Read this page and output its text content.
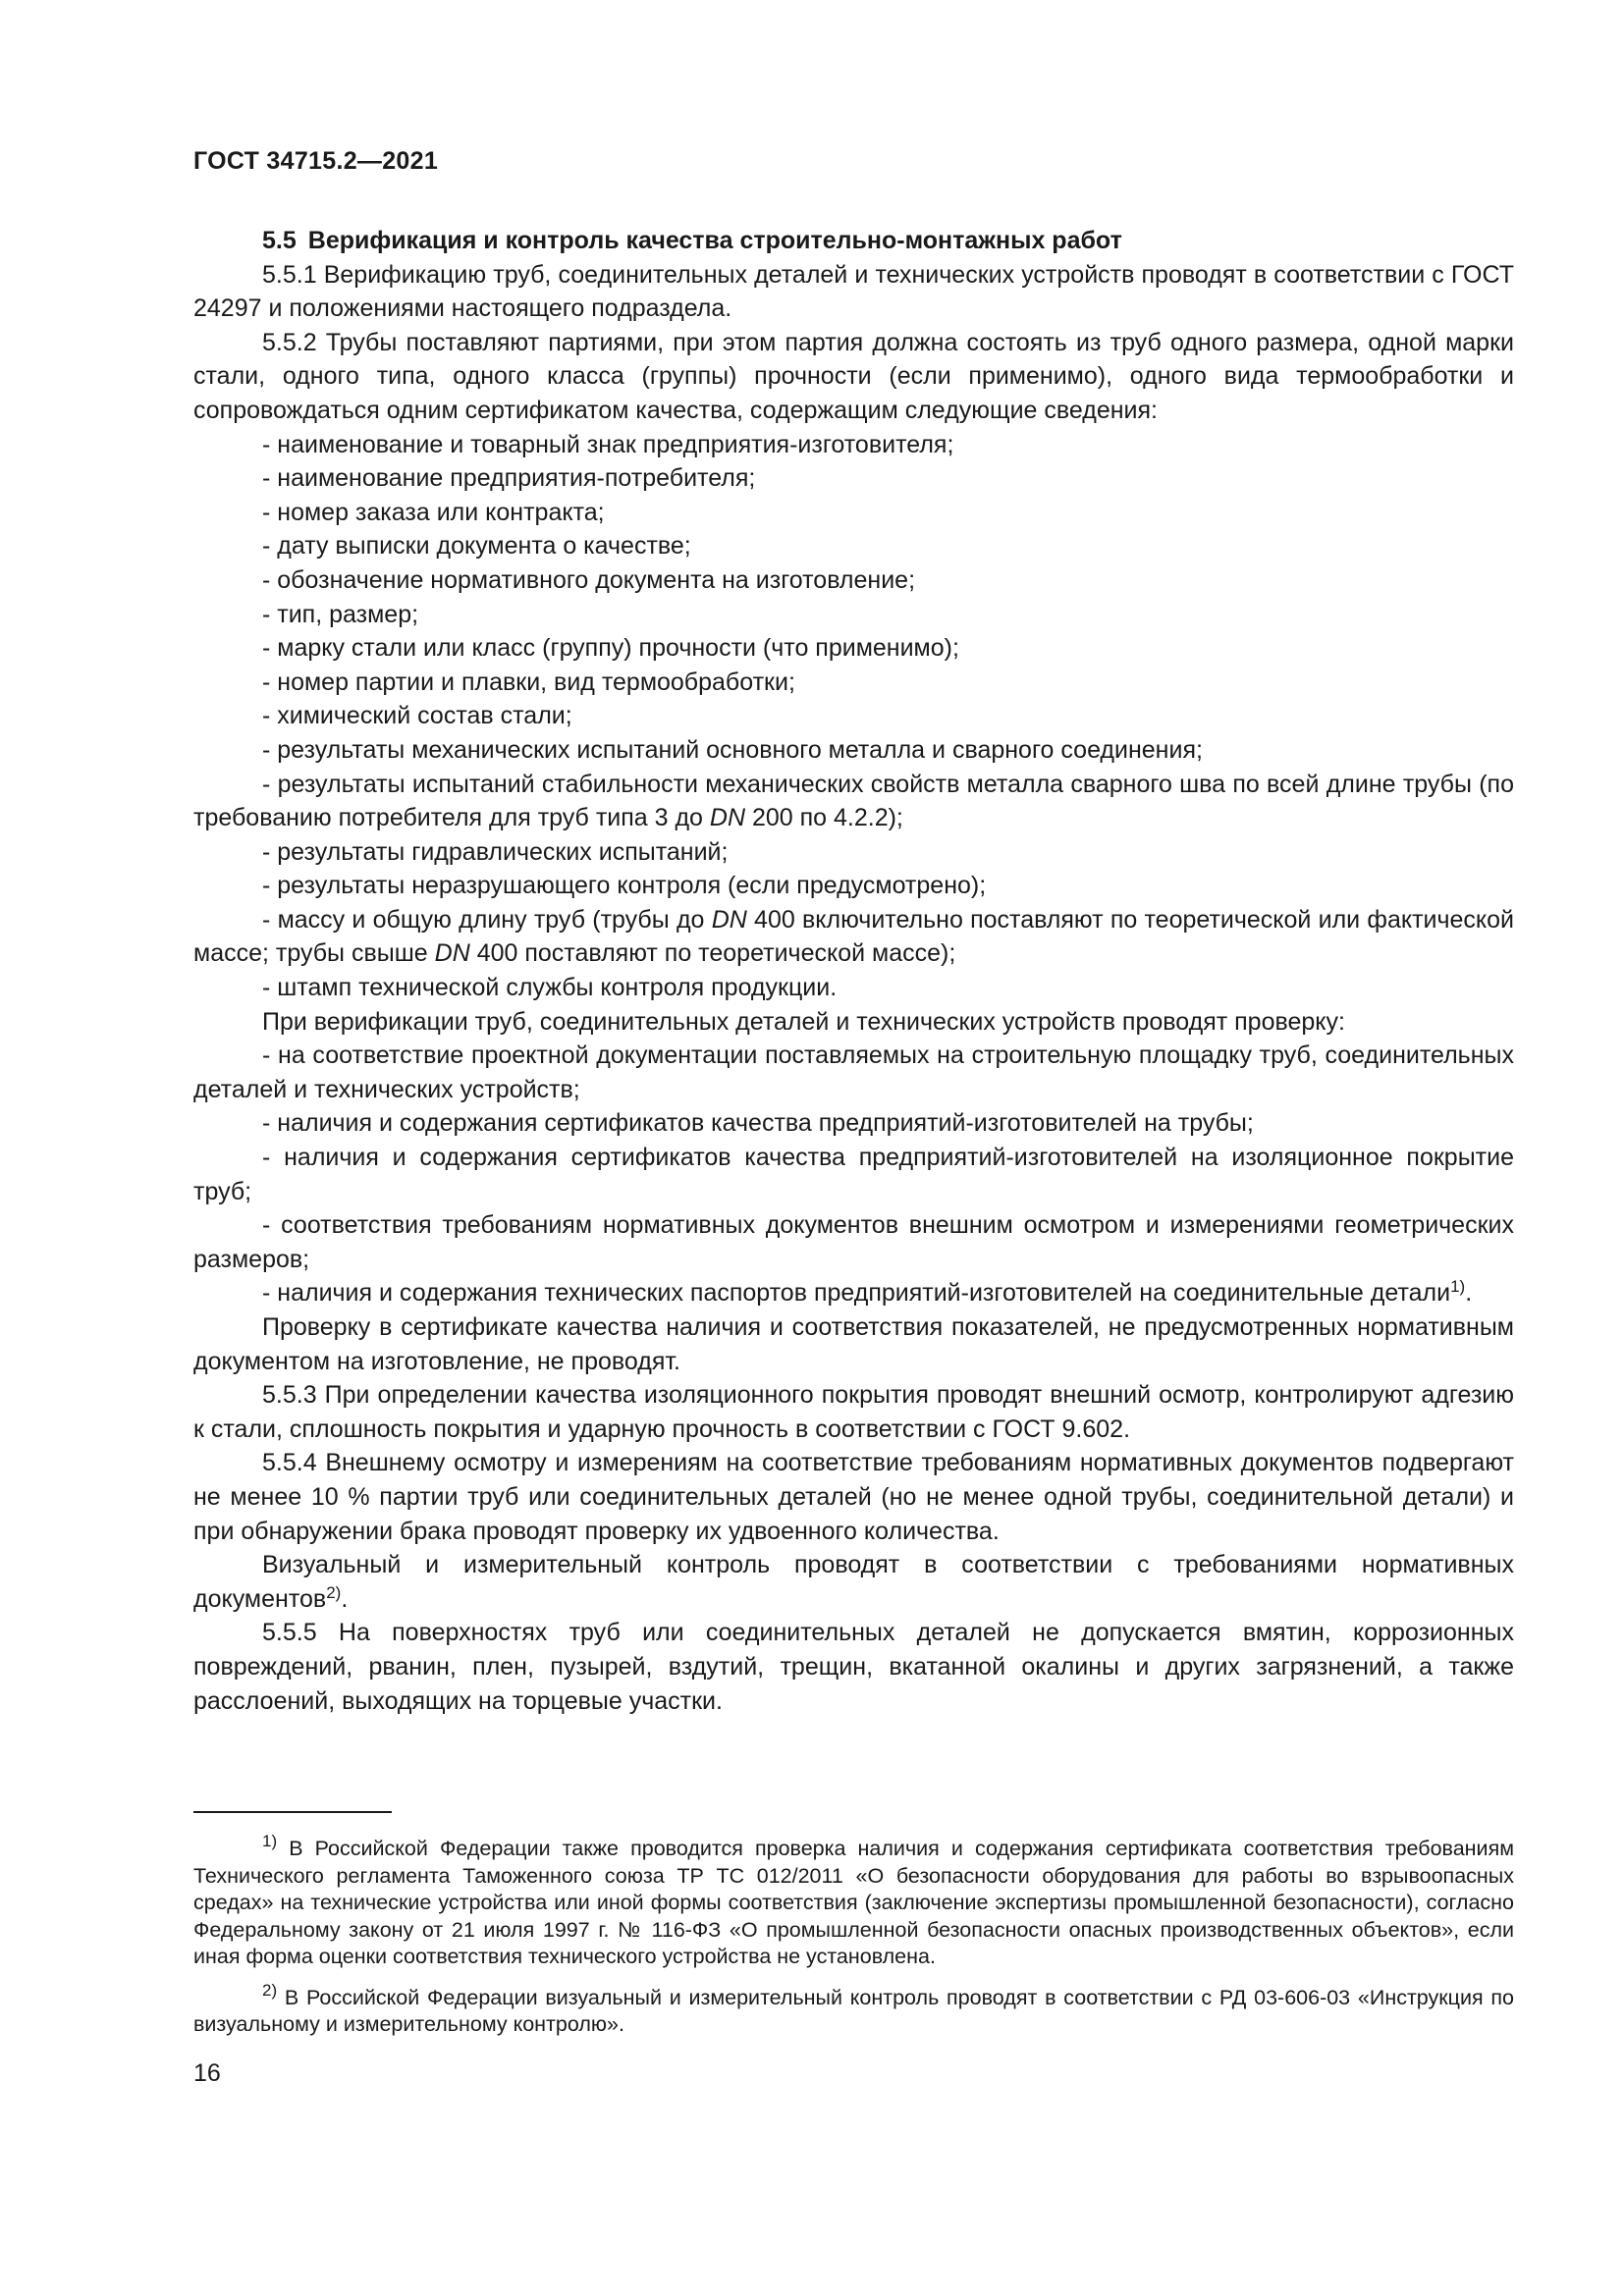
ГОСТ 34715.2—2021

5.5 Верификация и контроль качества строительно-монтажных работ

5.5.1 Верификацию труб, соединительных деталей и технических устройств проводят в соответствии с ГОСТ 24297 и положениями настоящего подраздела.

5.5.2 Трубы поставляют партиями, при этом партия должна состоять из труб одного размера, одной марки стали, одного типа, одного класса (группы) прочности (если применимо), одного вида термообработки и сопровождаться одним сертификатом качества, содержащим следующие сведения:

- наименование и товарный знак предприятия-изготовителя;

- наименование предприятия-потребителя;

- номер заказа или контракта;

- дату выписки документа о качестве;

- обозначение нормативного документа на изготовление;

- тип, размер;

- марку стали или класс (группу) прочности (что применимо);

- номер партии и плавки, вид термообработки;

- химический состав стали;

- результаты механических испытаний основного металла и сварного соединения;

- результаты испытаний стабильности механических свойств металла сварного шва по всей длине трубы (по требованию потребителя для труб типа 3 до DN 200 по 4.2.2);

- результаты гидравлических испытаний;

- результаты неразрушающего контроля (если предусмотрено);

- массу и общую длину труб (трубы до DN 400 включительно поставляют по теоретической или фактической массе; трубы свыше DN 400 поставляют по теоретической массе);

- штамп технической службы контроля продукции.

При верификации труб, соединительных деталей и технических устройств проводят проверку:

- на соответствие проектной документации поставляемых на строительную площадку труб, соединительных деталей и технических устройств;

- наличия и содержания сертификатов качества предприятий-изготовителей на трубы;

- наличия и содержания сертификатов качества предприятий-изготовителей на изоляционное покрытие труб;

- соответствия требованиям нормативных документов внешним осмотром и измерениями геометрических размеров;

- наличия и содержания технических паспортов предприятий-изготовителей на соединительные детали$^{1)}$.

Проверку в сертификате качества наличия и соответствия показателей, не предусмотренных нормативным документом на изготовление, не проводят.

5.5.3 При определении качества изоляционного покрытия проводят внешний осмотр, контролируют адгезию к стали, сплошность покрытия и ударную прочность в соответствии с ГОСТ 9.602.

5.5.4 Внешнему осмотру и измерениям на соответствие требованиям нормативных документов подвергают не менее 10 % партии труб или соединительных деталей (но не менее одной трубы, соединительной детали) и при обнаружении брака проводят проверку их удвоенного количества.

Визуальный и измерительный контроль проводят в соответствии с требованиями нормативных документов$^{2)}$.

5.5.5 На поверхностях труб или соединительных деталей не допускается вмятин, коррозионных повреждений, рванин, плен, пузырей, вздутий, трещин, вкатанной окалины и других загрязнений, а также расслоений, выходящих на торцевые участки.

$^{1)}$ В Российской Федерации также проводится проверка наличия и содержания сертификата соответствия требованиям Технического регламента Таможенного союза ТР ТС 012/2011 «О безопасности оборудования для работы во взрывоопасных средах» на технические устройства или иной формы соответствия (заключение экспертизы промышленной безопасности), согласно Федеральному закону от 21 июля 1997 г. № 116-ФЗ «О промышленной безопасности опасных производственных объектов», если иная форма оценки соответствия технического устройства не установлена.

$^{2)}$ В Российской Федерации визуальный и измерительный контроль проводят в соответствии с РД 03-606-03 «Инструкция по визуальному и измерительному контролю».

16
